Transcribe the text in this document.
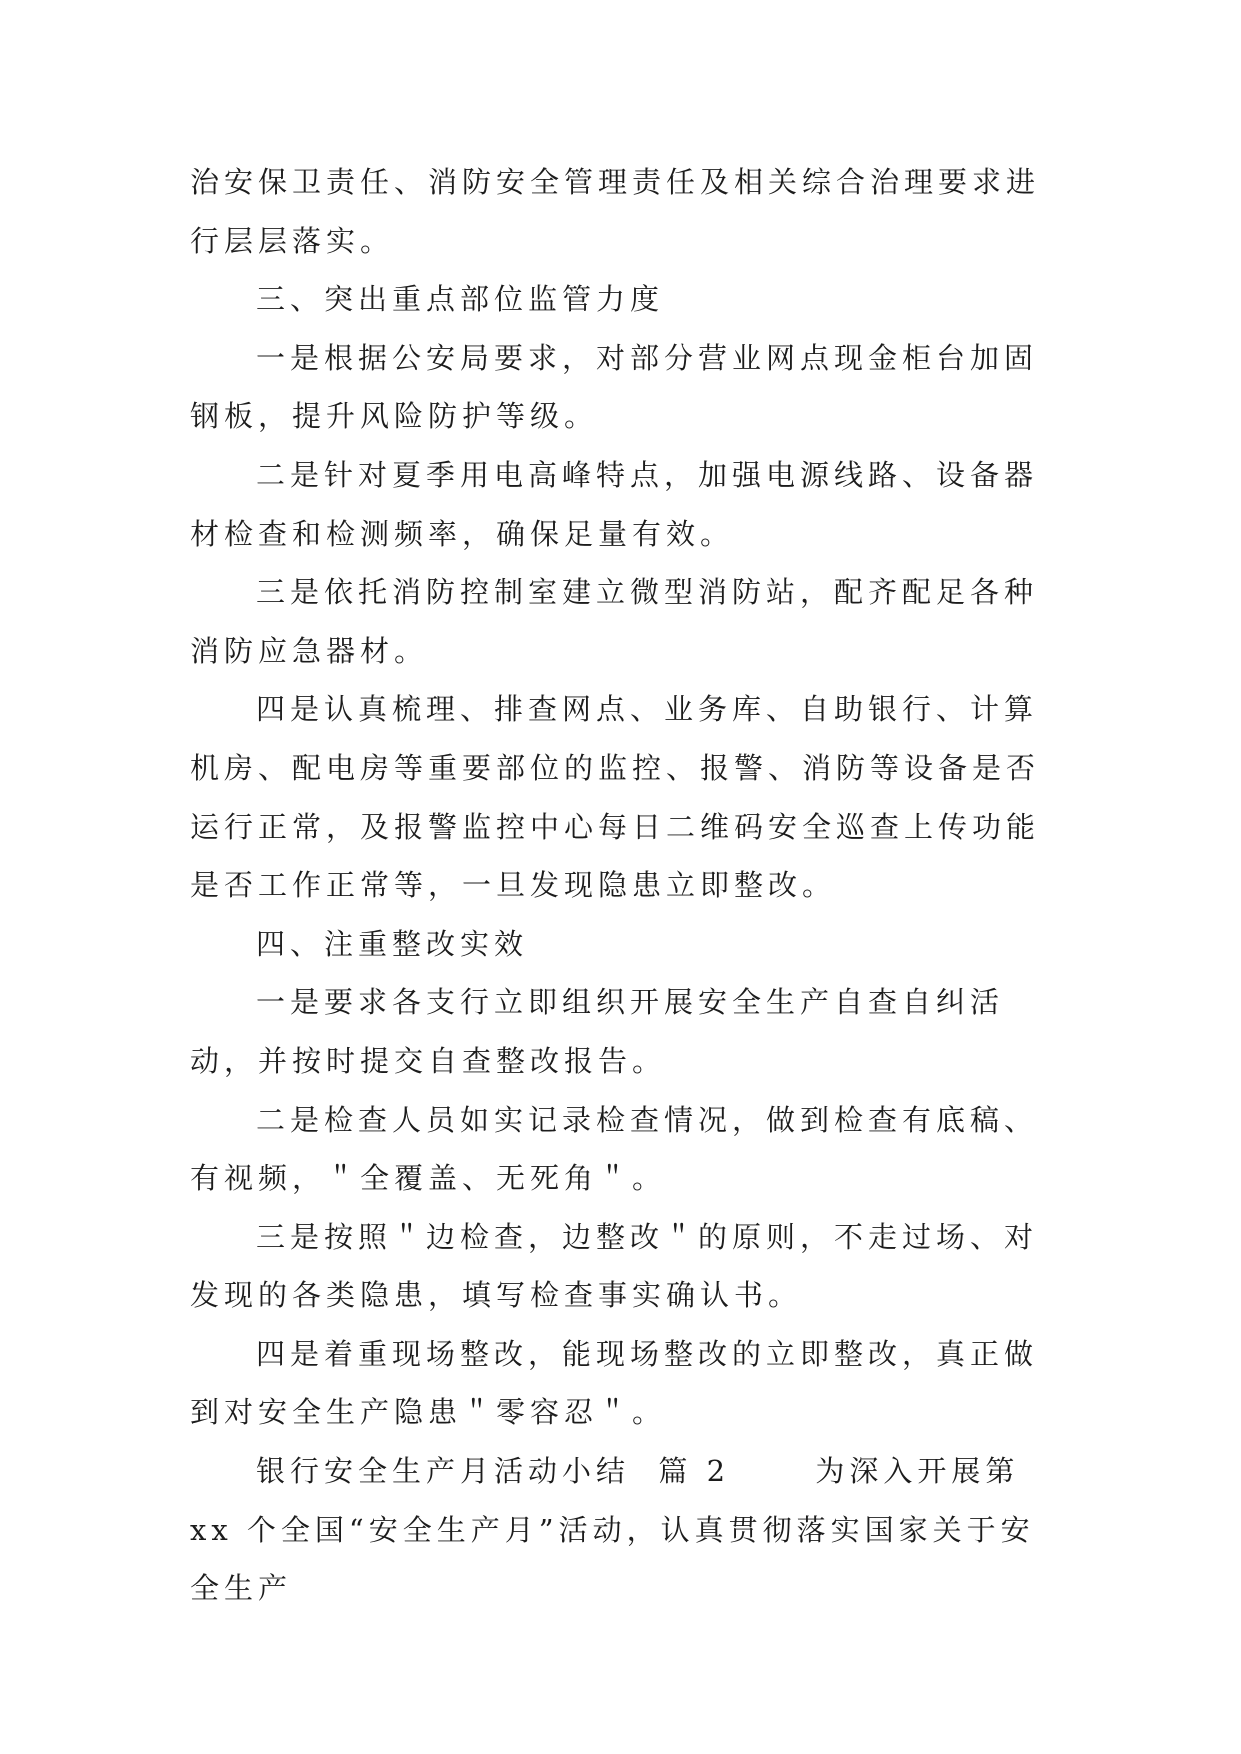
治安保卫责任、消防安全管理责任及相关综合治理要求进行层层落实。

三、突出重点部位监管力度

一是根据公安局要求，对部分营业网点现金柜台加固钢板，提升风险防护等级。

二是针对夏季用电高峰特点，加强电源线路、设备器材检查和检测频率，确保足量有效。

三是依托消防控制室建立微型消防站，配齐配足各种消防应急器材。

四是认真梳理、排查网点、业务库、自助银行、计算机房、配电房等重要部位的监控、报警、消防等设备是否运行正常，及报警监控中心每日二维码安全巡查上传功能是否工作正常等，一旦发现隐患立即整改。

四、注重整改实效

一是要求各支行立即组织开展安全生产自查自纠活动，并按时提交自查整改报告。

二是检查人员如实记录检查情况，做到检查有底稿、有视频，＂全覆盖、无死角＂。

三是按照＂边检查，边整改＂的原则，不走过场、对发现的各类隐患，填写检查事实确认书。

四是着重现场整改，能现场整改的立即整改，真正做到对安全生产隐患＂零容忍＂。

银行安全生产月活动小结  篇 2      为深入开展第 xx 个全国“安全生产月”活动，认真贯彻落实国家关于安全生产
